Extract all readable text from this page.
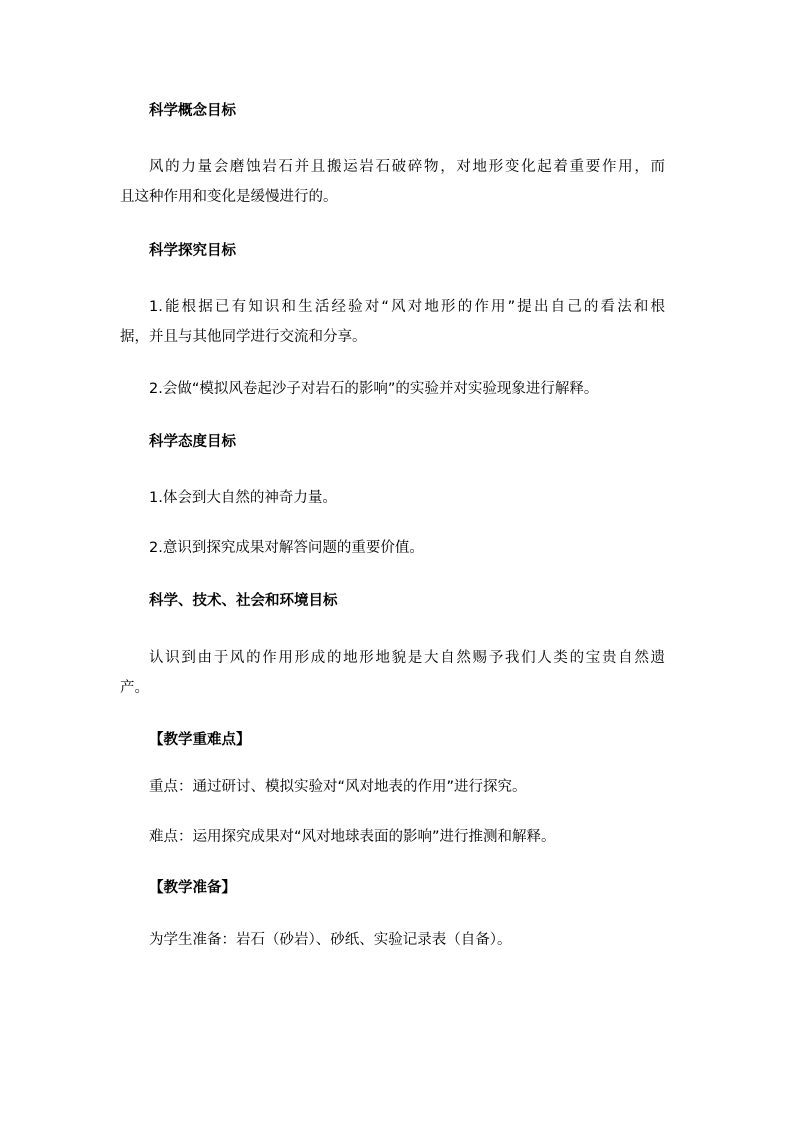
科学概念目标
风的力量会磨蚀岩石并且搬运岩石破碎物，对地形变化起着重要作用，而
且这种作用和变化是缓慢进行的。
科学探究目标
1.能根据已有知识和生活经验对“风对地形的作用”提出自己的看法和根
据，并且与其他同学进行交流和分享。
2.会做“模拟风卷起沙子对岩石的影响”的实验并对实验现象进行解释。
科学态度目标
1.体会到大自然的神奇力量。
2.意识到探究成果对解答问题的重要价值。
科学、技术、社会和环境目标
认识到由于风的作用形成的地形地貌是大自然赐予我们人类的宝贵自然遗
产。
【教学重难点】
重点：通过研讨、模拟实验对“风对地表的作用”进行探究。
难点：运用探究成果对“风对地球表面的影响”进行推测和解释。
【教学准备】
为学生准备：岩石（砂岩）、砂纸、实验记录表（自备）。
